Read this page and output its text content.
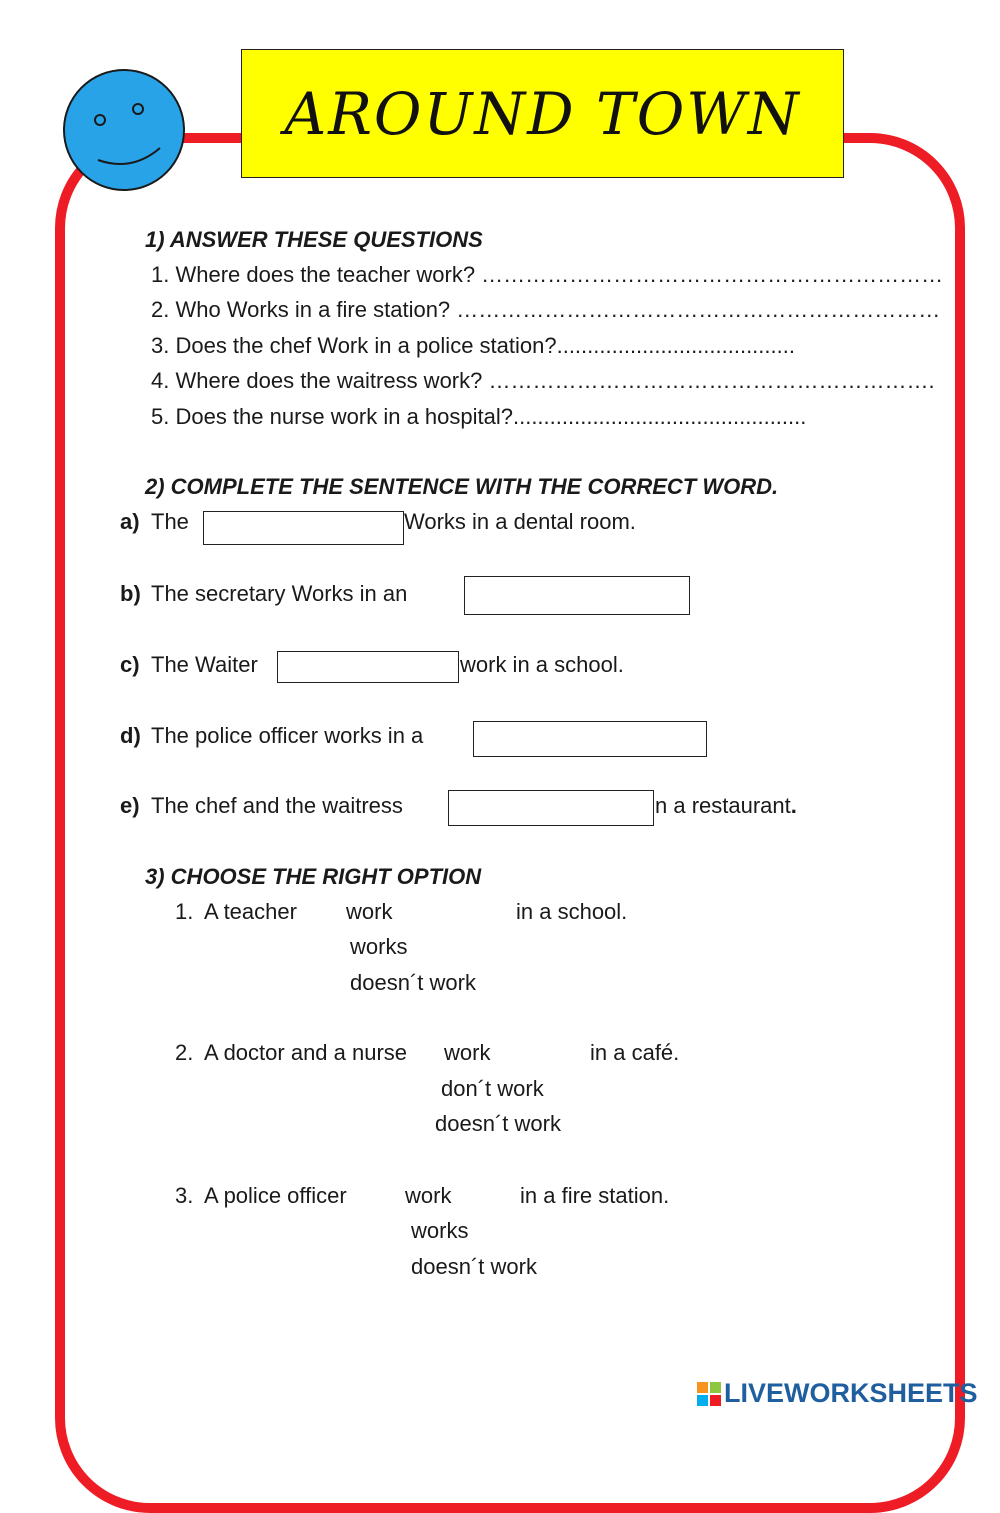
AROUND TOWN
1) ANSWER THESE QUESTIONS
1. Where does the teacher work? ………………………………………………………
2. Who Works in a fire station? …………………………………………………………
3. Does the chef Work in a police station?.......................................
4. Where does the waitress work? …………………………………………………….
5. Does the nurse work in a hospital?................................................
2) COMPLETE THE SENTENCE WITH THE CORRECT WORD.
a) The	Works in a dental room.
b) The secretary Works in an
c) The Waiter	work in a school.
d) The police officer works in a
e) The chef and the waitress	n a restaurant.
3) CHOOSE THE RIGHT OPTION
1. A teacher work
works
doesn´t work
in a school.
2. A doctor and a nurse work
don´t work
doesn´t work
in a café.
3. A police officer	work
works
doesn´t work
in a fire station.
LIVEWORKSHEETS
